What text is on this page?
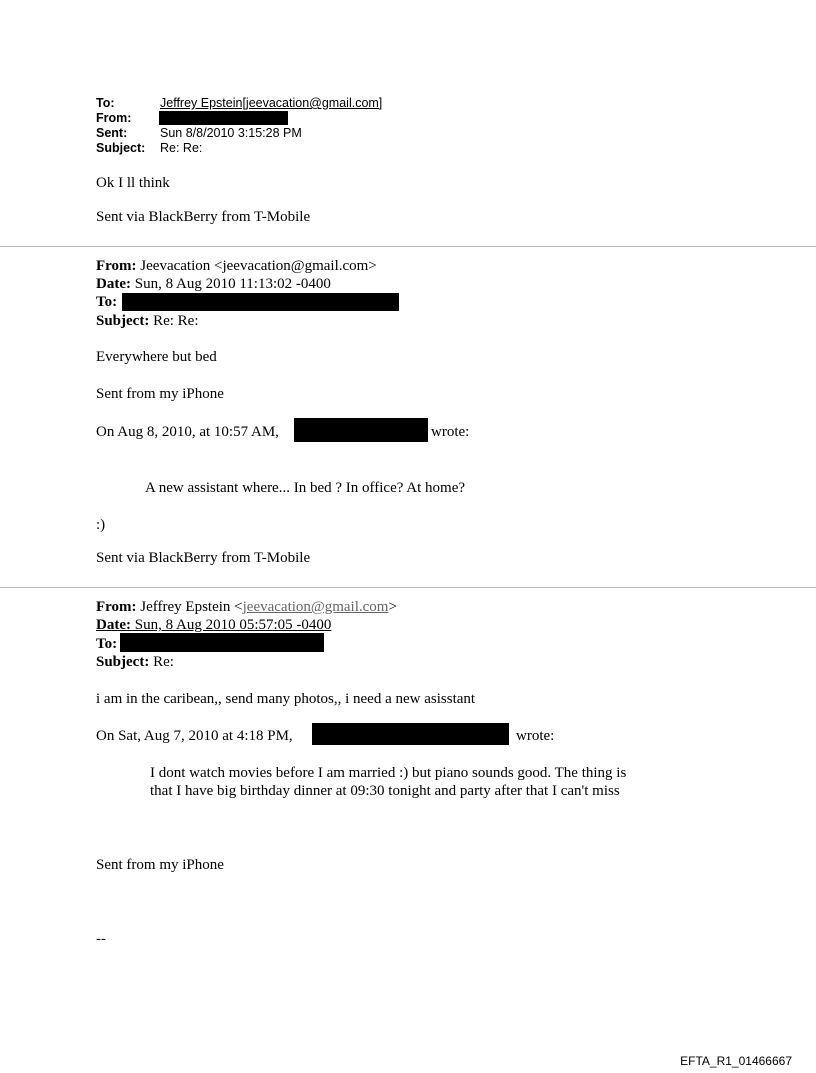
To:	Jeffrey Epstein[jeevacation@gmail.com]
From:
Sent:	Sun 8/8/2010 3:15:28 PM
Subject: Re: Re:
Ok I ll think
Sent via BlackBerry from T-Mobile
From: Jeevacation <jeevacation@gmail.com>
Date: Sun, 8 Aug 2010 11:13:02 -0400
To:
Subject: Re: Re:
Everywhere but bed
Sent from my iPhone
On Aug 8, 2010, at 10:57 AM,	wrote:
A new assistant where... In bed ? In office? At home?
:)
Sent via BlackBerry from T-Mobile
From: Jeffrey Epstein <jeevacation@gmail.com>
Date: Sun, 8 Aug 2010 05:57:05 -0400
To:
Subject: Re:
i am in the caribean,, send many photos,, i need a new asisstant
On Sat, Aug 7, 2010 at 4:18 PM,	wrote:
I dont watch movies before I am married :) but piano sounds good. The thing is
that I have big birthday dinner at 09:30 tonight and party after that I can't miss
Sent from my iPhone
--
EFTA_R1_01466667
